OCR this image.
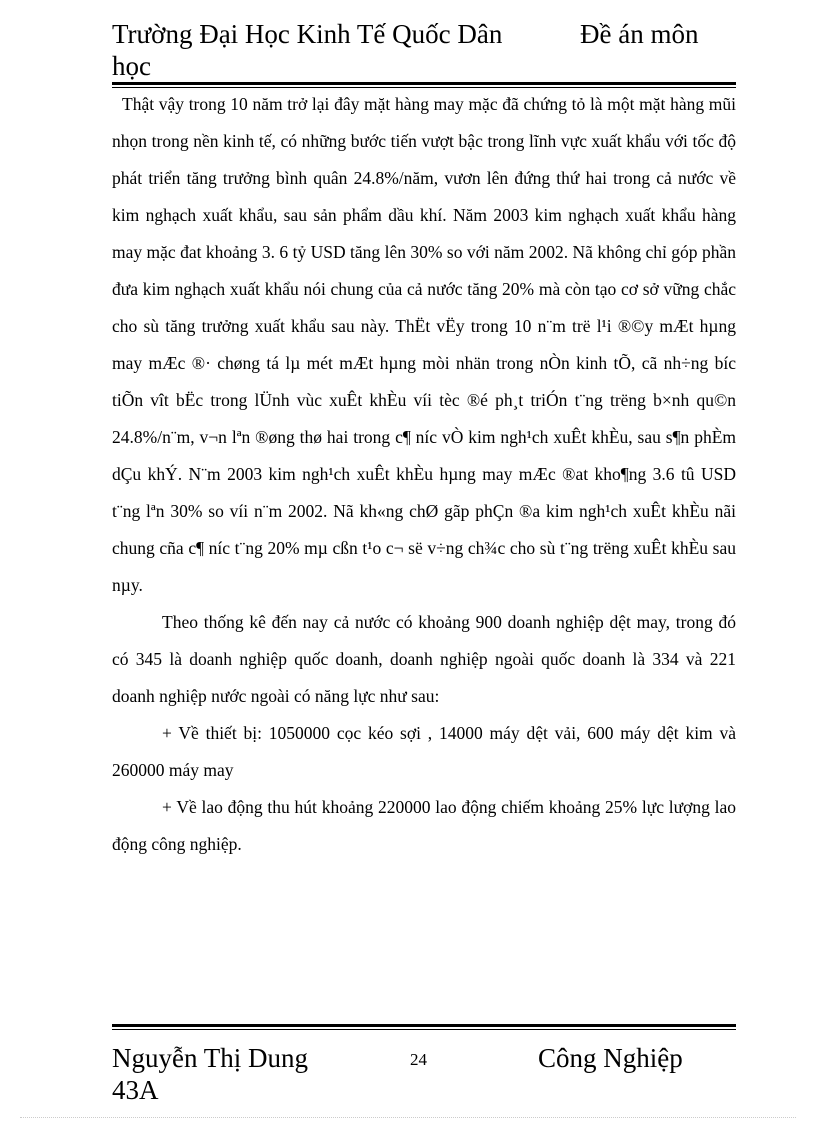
Trường Đại Học Kinh Tế Quốc Dân học
Đề án môn

Thật vậy trong 10 năm trở lại đây mặt hàng may mặc đã chứng tỏ là một mặt hàng mũi nhọn trong nền kinh tế, có những bước tiến vượt bậc trong lĩnh vực xuất khẩu với tốc độ phát triển tăng trưởng bình quân 24.8%/năm, vươn lên đứng thứ hai trong cả nước về kim nghạch xuất khẩu, sau sản phẩm dầu khí. Năm 2003 kim nghạch xuất khẩu hàng may mặc đat khoảng 3. 6 tỷ USD tăng lên 30% so với năm 2002. Nã không chỉ góp phần đưa kim nghạch xuất khẩu nói chung của cả nước tăng 20% mà còn tạo cơ sở vững chắc cho sù tăng trưởng xuất khẩu sau này. ThËt vËy trong 10 n¨m trë l¹i ®©y mÆt hµng may mÆc ®· chøng tá lµ mét mÆt hµng mòi nhän trong nÒn kinh tÕ, cã nh÷ng bíc tiÕn vît bËc trong lÜnh vùc xuÊt khÈu víi tèc ®é ph¸t triÓn t¨ng trëng b×nh qu©n 24.8%/n¨m, v¬n lªn ®øng thø hai trong c¶ níc vÒ kim ngh¹ch xuÊt khÈu, sau s¶n phÈm dÇu khÝ. N¨m 2003 kim ngh¹ch xuÊt khÈu hµng may mÆc ®at kho¶ng 3.6 tû USD t¨ng lªn 30% so víi n¨m 2002. Nã kh«ng chØ gãp phÇn ®a kim ngh¹ch xuÊt khÈu nãi chung cña c¶ níc t¨ng 20% mµ cßn t¹o c¬ së v÷ng ch¾c cho sù t¨ng trëng xuÊt khÈu sau nµy.

Theo thống kê đến nay cả nước có khoảng 900 doanh nghiệp dệt may, trong đó có 345 là doanh nghiệp quốc doanh, doanh nghiệp ngoài quốc doanh là 334 và 221 doanh nghiệp nước ngoài có năng lực như sau:

+ Về thiết bị: 1050000 cọc kéo sợi , 14000 máy dệt vải, 600 máy dệt kim và 260000 máy may

+ Về lao động thu hút khoảng 220000 lao động chiếm khoảng 25% lực lượng lao động công nghiệp.

Nguyễn Thị Dung 43A
24	Công Nghiệp
